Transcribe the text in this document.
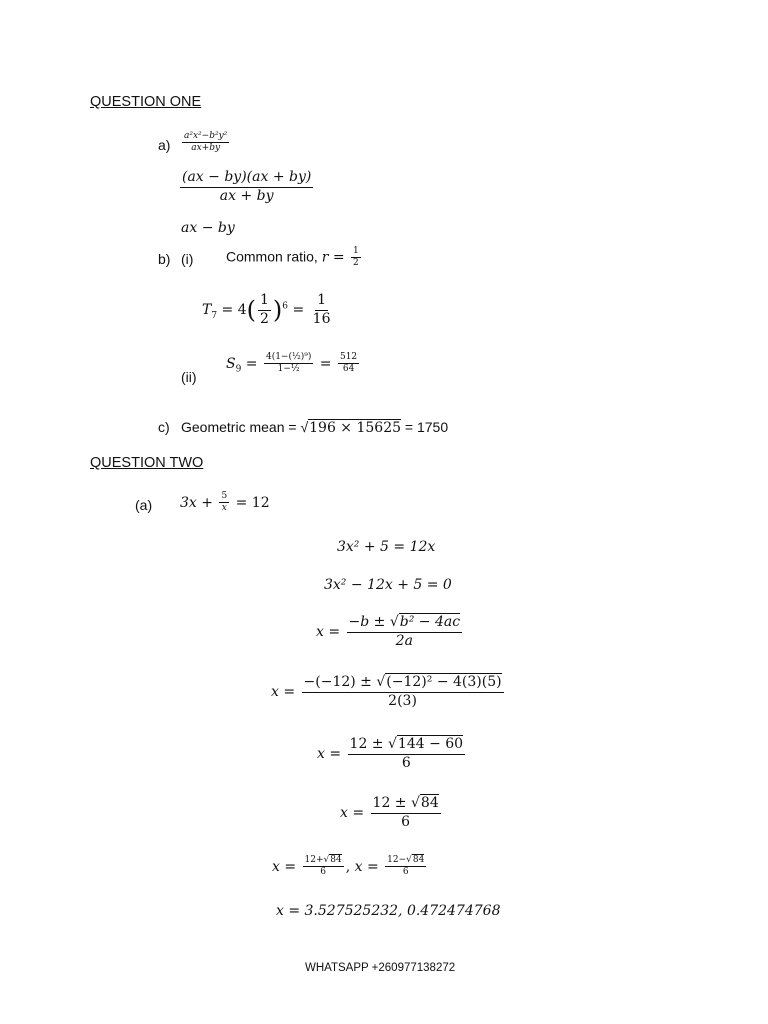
QUESTION ONE
$a) \frac{\text{a²x²−b²y²}}{ax+by}$
$\frac{(ax - by)(ax + by)}{ax + by}$
ax − by
b) (i) Common ratio, $r = \frac{1}{2}$
$T_7 = 4( \frac{1}{2} )^6 = \frac{1}{16}$
(ii)
$S_9 = \frac{\text{4(1−(½)⁹)}}{\text{1−½}} = \frac{512}{64}$
c) Geometric mean = √196 × 15625 = 1750
QUESTION TWO
(a) $3x + \frac{5}{x} = 12$
3x² + 5 = 12x
3x² − 12x + 5 = 0
$x = \frac{\text{−b ± √b² − 4ac}}{2a}$
$x = \frac{\text{−(−12) ± √(−12)² − 4(3)(5)}}{2(3)}$
$x = \frac{12 \pm √144 - 60}{6}$
$x = \frac{12 \pm √84}{6}$
$x = \frac{12+√84}{6}$ , $x = \frac{12-√84}{6}$
x = 3.527525232, 0.472474768
WHATSAPP +260977138272
